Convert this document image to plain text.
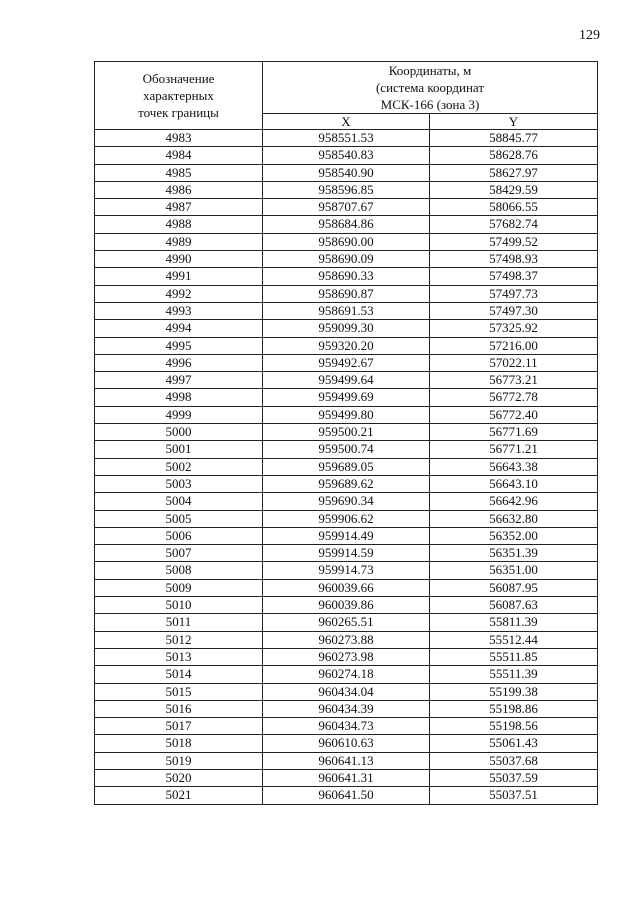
129
Обозначение
характерных
точек границы	Координаты, м
(система координат
МСК-166 (зона 3)	

	X	Y
4983	958551.53	58845.77
4984	958540.83	58628.76
4985	958540.90	58627.97
4986	958596.85	58429.59
4987	958707.67	58066.55
4988	958684.86	57682.74
4989	958690.00	57499.52
4990	958690.09	57498.93
4991	958690.33	57498.37
4992	958690.87	57497.73
4993	958691.53	57497.30
4994	959099.30	57325.92
4995	959320.20	57216.00
4996	959492.67	57022.11
4997	959499.64	56773.21
4998	959499.69	56772.78
4999	959499.80	56772.40
5000	959500.21	56771.69
5001	959500.74	56771.21
5002	959689.05	56643.38
5003	959689.62	56643.10
5004	959690.34	56642.96
5005	959906.62	56632.80
5006	959914.49	56352.00
5007	959914.59	56351.39
5008	959914.73	56351.00
5009	960039.66	56087.95
5010	960039.86	56087.63
5011	960265.51	55811.39
5012	960273.88	55512.44
5013	960273.98	55511.85
5014	960274.18	55511.39
5015	960434.04	55199.38
5016	960434.39	55198.86
5017	960434.73	55198.56
5018	960610.63	55061.43
5019	960641.13	55037.68
5020	960641.31	55037.59
5021	960641.50	55037.51
